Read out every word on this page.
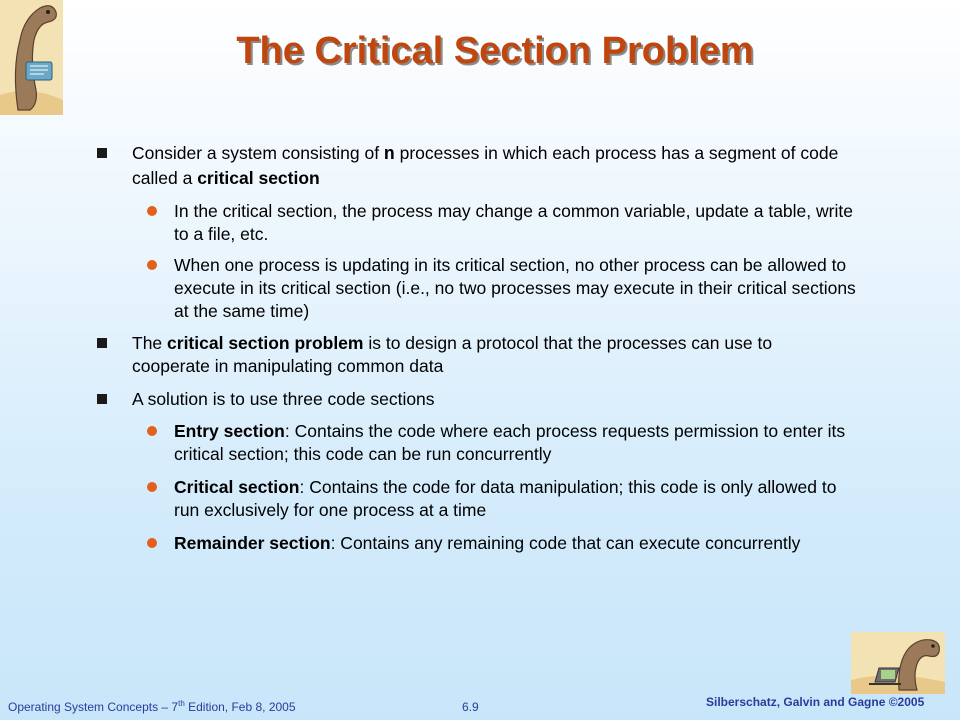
The Critical Section Problem
Consider a system consisting of n processes in which each process has a segment of code called a critical section
In the critical section, the process may change a common variable, update a table, write to a file, etc.
When one process is updating in its critical section, no other process can be allowed to execute in its critical section (i.e., no two processes may execute in their critical sections at the same time)
The critical section problem is to design a protocol that the processes can use to cooperate in manipulating common data
A solution is to use three code sections
Entry section: Contains the code where each process requests permission to enter its critical section; this code can be run concurrently
Critical section: Contains the code for data manipulation; this code is only allowed to run exclusively for one process at a time
Remainder section: Contains any remaining code that can execute concurrently
Operating System Concepts – 7th Edition, Feb 8, 2005	6.9	Silberschatz, Galvin and Gagne ©2005
